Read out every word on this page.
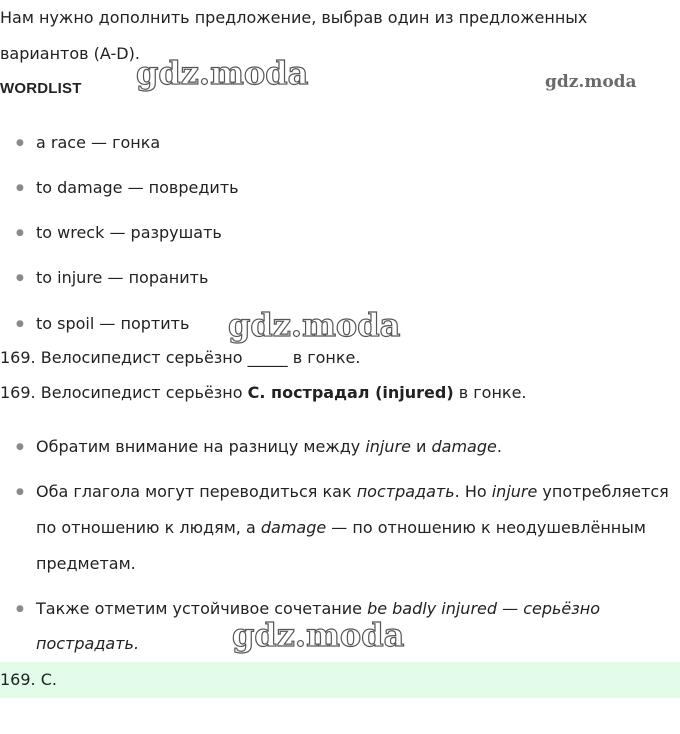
Нам нужно дополнить предложение, выбрав один из предложенных
вариантов (A-D).
gdz.moda	gdz.moda
WORDLIST
● a race — гонка
● to damage — повредить
● to wreck — разрушать
● to injure — поранить
● to spoil — портить gdz.moda
169. Велосипедист серьёзно _____ в гонке.
169. Велосипедист серьёзно C. пострадал (injured) в гонке.
● Обратим внимание на разницу между injure и damage.
● Оба глагола могут переводиться как пострадать. Но injure употребляется
по отношению к людям, а damage — по отношению к неодушевлённым
предметам.
● Также отметим устойчивое сочетание be badly injured — серьёзно
пострадать.	gdz.moda
169. C.
